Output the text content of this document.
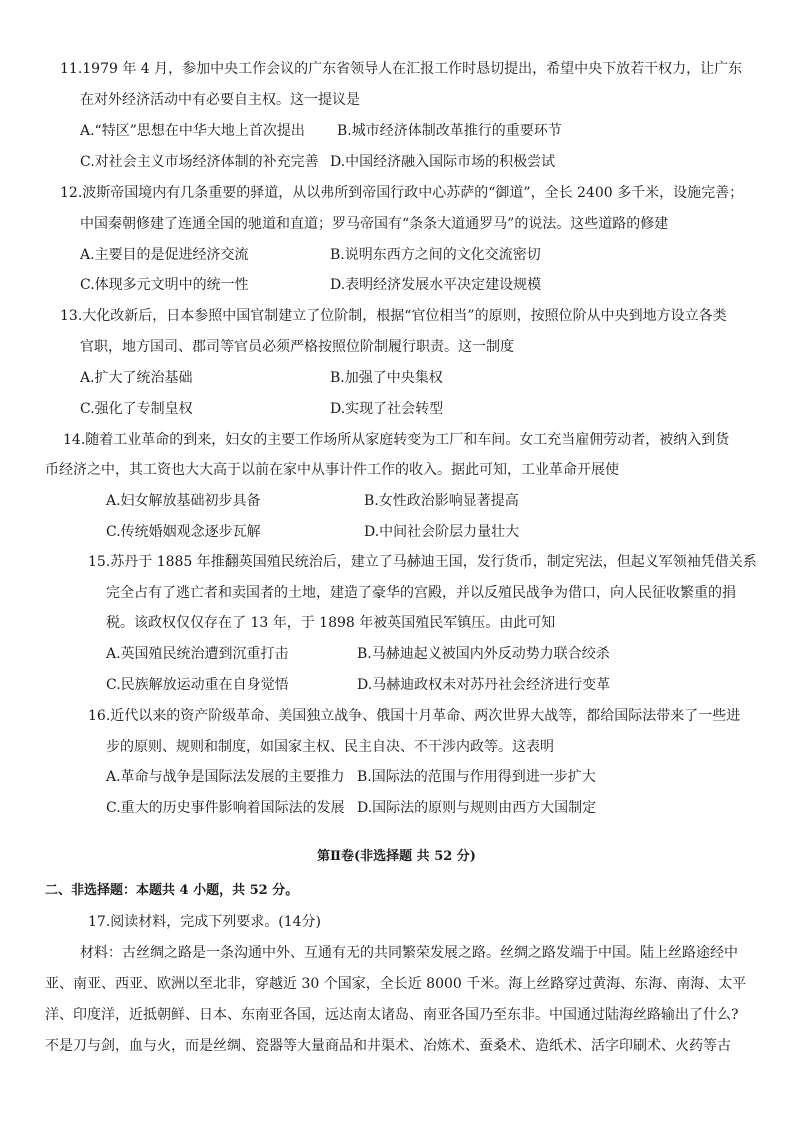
11.1979 年 4 月，参加中央工作会议的广东省领导人在汇报工作时恳切提出，希望中央下放若干权力，让广东
在对外经济活动中有必要自主权。这一提议是
A.“特区”思想在中华大地上首次提出 B.城市经济体制改革推行的重要环节
C.对社会主义市场经济体制的补充完善 D.中国经济融入国际市场的积极尝试
12.波斯帝国境内有几条重要的驿道，从以弗所到帝国行政中心苏萨的“御道”，全长 2400 多千米，设施完善；
中国秦朝修建了连通全国的驰道和直道；罗马帝国有“条条大道通罗马”的说法。这些道路的修建
A.主要目的是促进经济交流	B.说明东西方之间的文化交流密切
C.体现多元文明中的统一性	D.表明经济发展水平决定建设规模
13.大化改新后，日本参照中国官制建立了位阶制，根据“官位相当”的原则，按照位阶从中央到地方设立各类
官职，地方国司、郡司等官员必须严格按照位阶制履行职责。这一制度
A.扩大了统治基础	B.加强了中央集权
C.强化了专制皇权	D.实现了社会转型
14.随着工业革命的到来，妇女的主要工作场所从家庭转变为工厂和车间。女工充当雇佣劳动者，被纳入到货
币经济之中，其工资也大大高于以前在家中从事计件工作的收入。据此可知，工业革命开展使
A.妇女解放基础初步具备	B.女性政治影响显著提高
C.传统婚姻观念逐步瓦解	D.中间社会阶层力量壮大
15.苏丹于 1885 年推翻英国殖民统治后，建立了马赫迪王国，发行货币，制定宪法，但起义军领袖凭借关系
完全占有了逃亡者和卖国者的土地，建造了豪华的宫殿，并以反殖民战争为借口，向人民征收繁重的捐
税。该政权仅仅存在了 13 年，于 1898 年被英国殖民军镇压。由此可知
A.英国殖民统治遭到沉重打击	B.马赫迪起义被国内外反动势力联合绞杀
C.民族解放运动重在自身觉悟	D.马赫迪政权未对苏丹社会经济进行变革
16.近代以来的资产阶级革命、美国独立战争、俄国十月革命、两次世界大战等，都给国际法带来了一些进
步的原则、规则和制度，如国家主权、民主自决、不干涉内政等。这表明
A.革命与战争是国际法发展的主要推力 B.国际法的范围与作用得到进一步扩大
C.重大的历史事件影响着国际法的发展 D.国际法的原则与规则由西方大国制定
第Ⅱ卷(非选择题 共 52 分)
二、非选择题：本题共 4 小题，共 52 分。
17.阅读材料，完成下列要求。(14分)
材料：古丝绸之路是一条沟通中外、互通有无的共同繁荣发展之路。丝绸之路发端于中国。陆上丝路途经中
亚、南亚、西亚、欧洲以至北非，穿越近 30 个国家，全长近 8000 千米。海上丝路穿过黄海、东海、南海、太平
洋、印度洋，近抵朝鲜、日本、东南亚各国，远达南太诸岛、南亚各国乃至东非。中国通过陆海丝路输出了什么?
不是刀与剑，血与火，而是丝绸、瓷器等大量商品和井渠术、冶炼术、蚕桑术、造纸术、活字印刷术、火药等古
